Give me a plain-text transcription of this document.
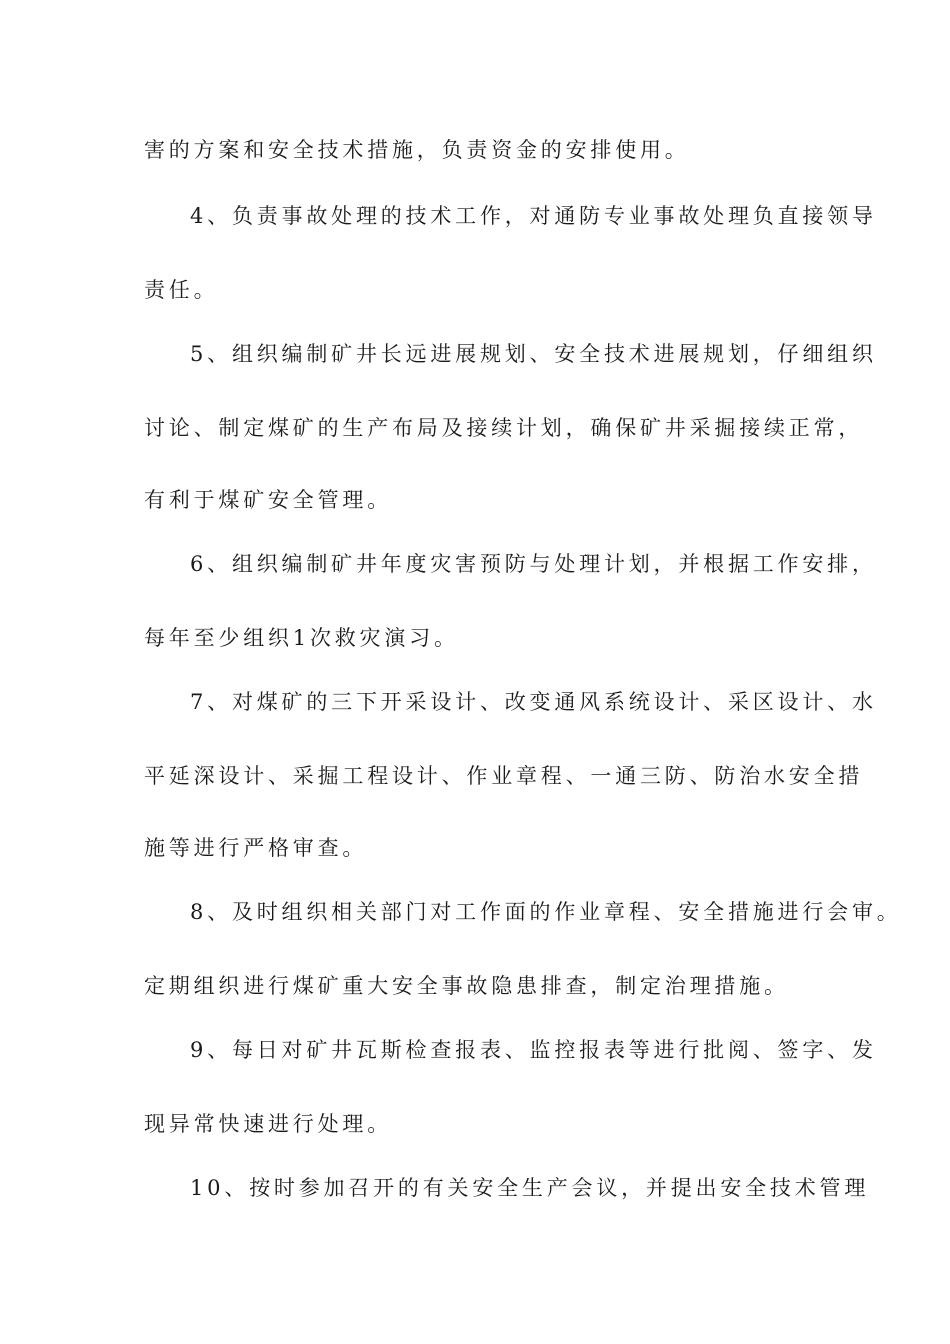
害的方案和安全技术措施，负责资金的安排使用。
4、负责事故处理的技术工作，对通防专业事故处理负直接领导
责任。
5、组织编制矿井长远进展规划、安全技术进展规划，仔细组织
讨论、制定煤矿的生产布局及接续计划，确保矿井采掘接续正常，
有利于煤矿安全管理。
6、组织编制矿井年度灾害预防与处理计划，并根据工作安排，
每年至少组织1次救灾演习。
7、对煤矿的三下开采设计、改变通风系统设计、采区设计、水
平延深设计、采掘工程设计、作业章程、一通三防、防治水安全措
施等进行严格审查。
8、及时组织相关部门对工作面的作业章程、安全措施进行会审。
定期组织进行煤矿重大安全事故隐患排查，制定治理措施。
9、每日对矿井瓦斯检查报表、监控报表等进行批阅、签字、发
现异常快速进行处理。
10、按时参加召开的有关安全生产会议，并提出安全技术管理
